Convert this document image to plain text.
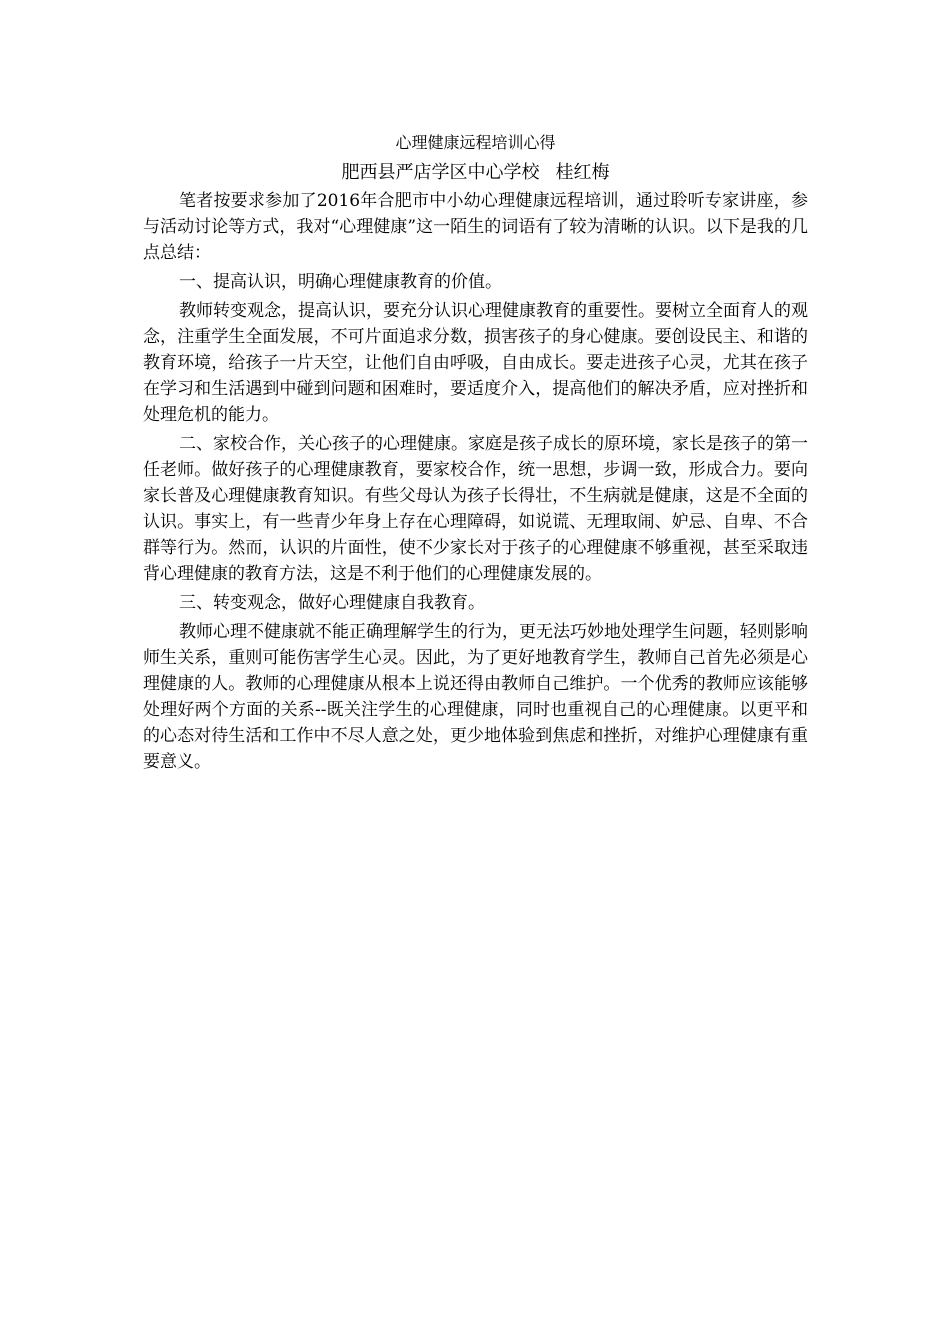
心理健康远程培训心得

肥西县严店学区中心学校 桂红梅

笔者按要求参加了2016年合肥市中小幼心理健康远程培训，通过聆听专家讲座，参与活动讨论等方式，我对“心理健康”这一陌生的词语有了较为清晰的认识。以下是我的几点总结：

一、提高认识，明确心理健康教育的价值。

教师转变观念，提高认识，要充分认识心理健康教育的重要性。要树立全面育人的观念，注重学生全面发展，不可片面追求分数，损害孩子的身心健康。要创设民主、和谐的教育环境，给孩子一片天空，让他们自由呼吸，自由成长。要走进孩子心灵，尤其在孩子在学习和生活遇到中碰到问题和困难时，要适度介入，提高他们的解决矛盾，应对挫折和处理危机的能力。

二、家校合作，关心孩子的心理健康。家庭是孩子成长的原环境，家长是孩子的第一任老师。做好孩子的心理健康教育，要家校合作，统一思想，步调一致，形成合力。要向家长普及心理健康教育知识。有些父母认为孩子长得壮，不生病就是健康，这是不全面的认识。事实上，有一些青少年身上存在心理障碍，如说谎、无理取闹、妒忌、自卑、不合群等行为。然而，认识的片面性，使不少家长对于孩子的心理健康不够重视，甚至采取违背心理健康的教育方法，这是不利于他们的心理健康发展的。

三、转变观念，做好心理健康自我教育。

教师心理不健康就不能正确理解学生的行为，更无法巧妙地处理学生问题，轻则影响师生关系，重则可能伤害学生心灵。因此，为了更好地教育学生，教师自己首先必须是心理健康的人。教师的心理健康从根本上说还得由教师自己维护。一个优秀的教师应该能够处理好两个方面的关系--既关注学生的心理健康，同时也重视自己的心理健康。以更平和的心态对待生活和工作中不尽人意之处，更少地体验到焦虑和挫折，对维护心理健康有重要意义。
